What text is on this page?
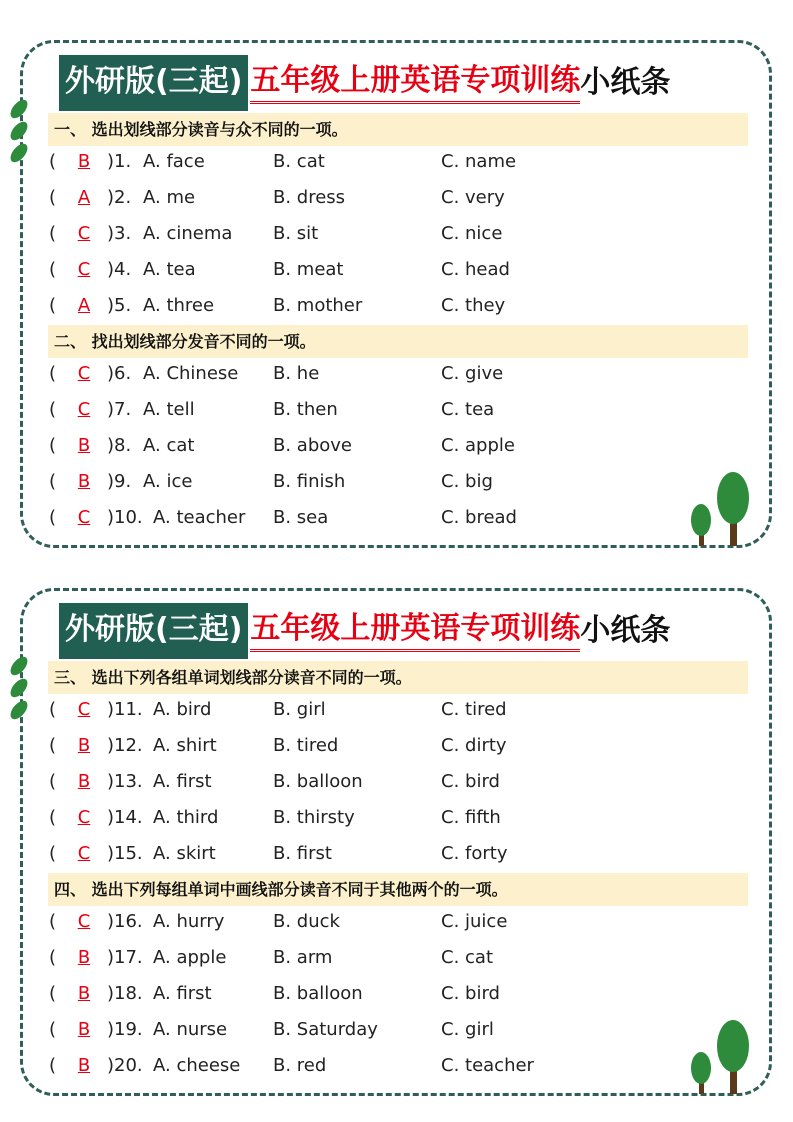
外研版(三起) 五年级上册英语专项训练 小纸条
一、 选出划线部分读音与众不同的一项。
( B )1. A. face	B. cat	C. name
( A )2. A. me	B. dress	C. very
( C )3. A. cinema B. sit	C. nice
( C )4. A. tea	B. meat	C. head
( A )5. A. three	B. mother	C. they
二、 找出划线部分发音不同的一项。
( C )6. A. Chinese B. he	C. give
( C )7. A. tell	B. then	C. tea
( B )8. A. cat	B. above	C. apple
( B )9. A. ice	B. finish	C. big
( C )10. A. teacher B. sea	C. bread
外研版(三起) 五年级上册英语专项训练 小纸条
三、 选出下列各组单词划线部分读音不同的一项。
( C )11. A. bird	B. girl	C. tired
( B )12. A. shirt	B. tired	C. dirty
( B )13. A. first	B. balloon	C. bird
( C )14. A. third	B. thirsty	C. fifth
( C )15. A. skirt	B. first	C. forty
四、 选出下列每组单词中画线部分读音不同于其他两个的一项。
( C )16. A. hurry	B. duck	C. juice
( B )17. A. apple	B. arm	C. cat
( B )18. A. first	B. balloon	C. bird
( B )19. A. nurse	B. Saturday	C. girl
( B )20. A. cheese B. red	C. teacher
